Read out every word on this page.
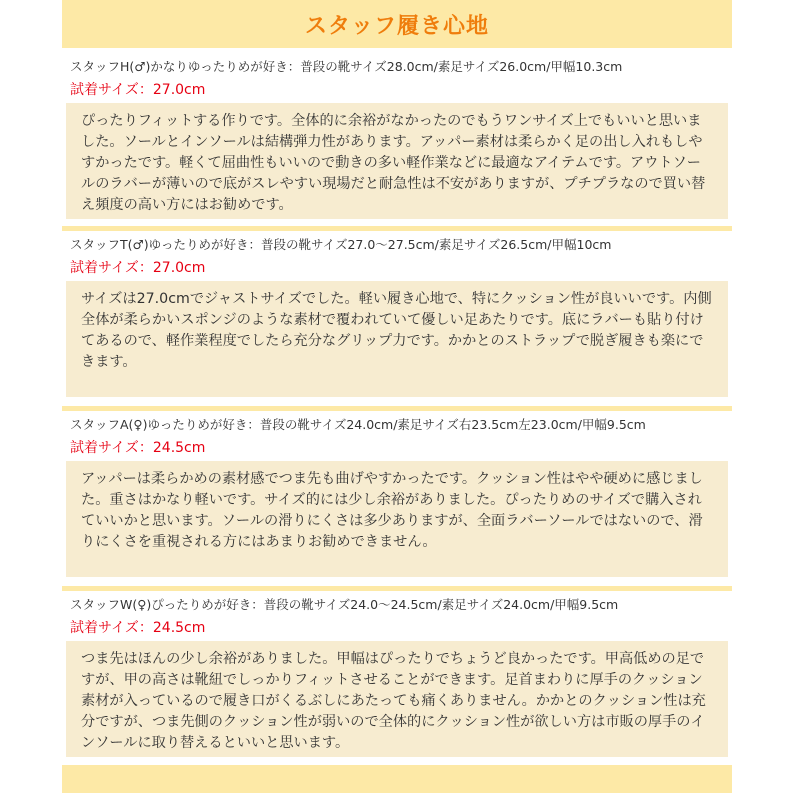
スタッフ履き心地
スタッフH(♂)かなりゆったりめが好き：普段の靴サイズ28.0cm/素足サイズ26.0cm/甲幅10.3cm
試着サイズ：27.0cm

ぴったりフィットする作りです。全体的に余裕がなかったのでもうワンサイズ上でもいいと思いました。ソールとインソールは結構弾力性があります。アッパー素材は柔らかく足の出し入れもしやすかったです。軽くて屈曲性もいいので動きの多い軽作業などに最適なアイテムです。アウトソールのラバーが薄いので底がスレやすい現場だと耐急性は不安がありますが、プチプラなので買い替え頻度の高い方にはお勧めです。

スタッフT(♂)ゆったりめが好き：普段の靴サイズ27.0～27.5cm/素足サイズ26.5cm/甲幅10cm
試着サイズ：27.0cm

サイズは27.0cmでジャストサイズでした。軽い履き心地で、特にクッション性が良いいです。内側全体が柔らかいスポンジのような素材で覆われていて優しい足あたりです。底にラバーも貼り付けてあるので、軽作業程度でしたら充分なグリップ力です。かかとのストラップで脱ぎ履きも楽にできます。

スタッフA(♀)ゆったりめが好き：普段の靴サイズ24.0cm/素足サイズ右23.5cm左23.0cm/甲幅9.5cm
試着サイズ：24.5cm

アッパーは柔らかめの素材感でつま先も曲げやすかったです。クッション性はやや硬めに感じました。重さはかなり軽いです。サイズ的には少し余裕がありました。ぴったりめのサイズで購入されていいかと思います。ソールの滑りにくさは多少ありますが、全面ラバーソールではないので、滑りにくさを重視される方にはあまりお勧めできません。

スタッフW(♀)ぴったりめが好き：普段の靴サイズ24.0～24.5cm/素足サイズ24.0cm/甲幅9.5cm
試着サイズ：24.5cm

つま先はほんの少し余裕がありました。甲幅はぴったりでちょうど良かったです。甲高低めの足ですが、甲の高さは靴紐でしっかりフィットさせることができます。足首まわりに厚手のクッション素材が入っているので履き口がくるぶしにあたっても痛くありません。かかとのクッション性は充分ですが、つま先側のクッション性が弱いので全体的にクッション性が欲しい方は市販の厚手のインソールに取り替えるといいと思います。
